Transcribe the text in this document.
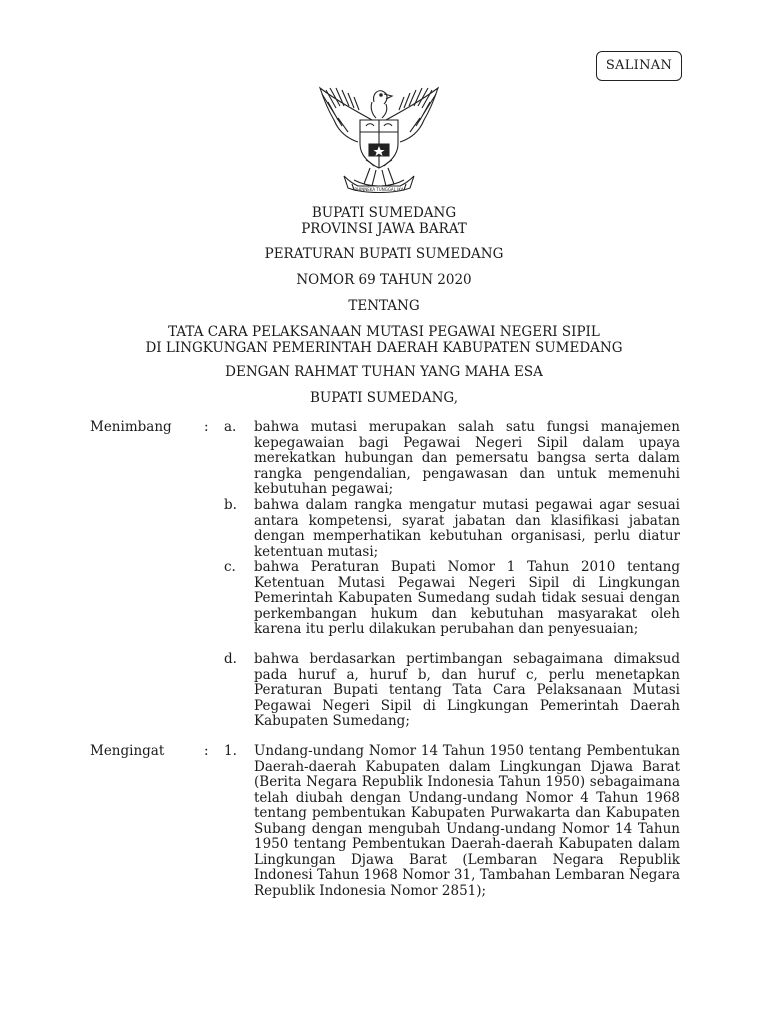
SALINAN
BHINNEKA TUNGGAL IKA
BUPATI SUMEDANG
PROVINSI JAWA BARAT
PERATURAN BUPATI SUMEDANG
NOMOR 69 TAHUN 2020
TENTANG
TATA CARA PELAKSANAAN MUTASI PEGAWAI NEGERI SIPIL
DI LINGKUNGAN PEMERINTAH DAERAH KABUPATEN SUMEDANG
DENGAN RAHMAT TUHAN YANG MAHA ESA
BUPATI SUMEDANG,
Menimbang : a. bahwa mutasi merupakan salah satu fungsi manajemen kepegawaian bagi Pegawai Negeri Sipil dalam upaya merekatkan hubungan dan pemersatu bangsa serta dalam rangka pengendalian, pengawasan dan untuk memenuhi kebutuhan pegawai;

b. bahwa dalam rangka mengatur mutasi pegawai agar sesuai antara kompetensi, syarat jabatan dan klasifikasi jabatan dengan memperhatikan kebutuhan organisasi, perlu diatur ketentuan mutasi;

c. bahwa Peraturan Bupati Nomor 1 Tahun 2010 tentang Ketentuan Mutasi Pegawai Negeri Sipil di Lingkungan Pemerintah Kabupaten Sumedang sudah tidak sesuai dengan perkembangan hukum dan kebutuhan masyarakat oleh karena itu perlu dilakukan perubahan dan penyesuaian;

d. bahwa berdasarkan pertimbangan sebagaimana dimaksud pada huruf a, huruf b, dan huruf c, perlu menetapkan Peraturan Bupati tentang Tata Cara Pelaksanaan Mutasi Pegawai Negeri Sipil di Lingkungan Pemerintah Daerah Kabupaten Sumedang;

Mengingat	: 1. Undang-undang Nomor 14 Tahun 1950 tentang Pembentukan Daerah-daerah Kabupaten dalam Lingkungan Djawa Barat (Berita Negara Republik Indonesia Tahun 1950) sebagaimana telah diubah dengan Undang-undang Nomor 4 Tahun 1968 tentang pembentukan Kabupaten Purwakarta dan Kabupaten Subang dengan mengubah Undang-undang Nomor 14 Tahun 1950 tentang Pembentukan Daerah-daerah Kabupaten dalam Lingkungan Djawa Barat (Lembaran Negara Republik Indonesi Tahun 1968 Nomor 31, Tambahan Lembaran Negara Republik Indonesia Nomor 2851);
